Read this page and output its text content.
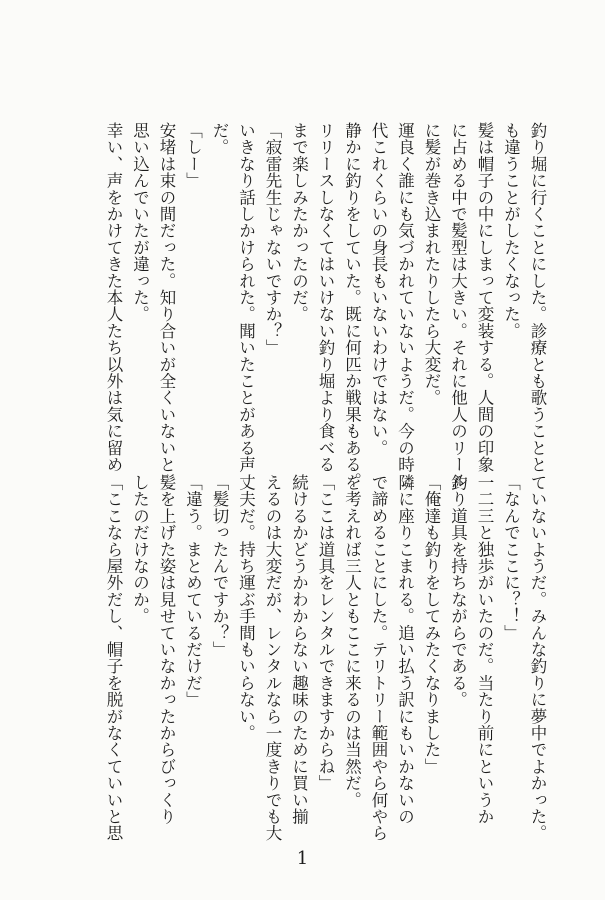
釣り堀に行くことにした。診療とも歌うことと
も違うことがしたくなった。
髪は帽子の中にしまって変装する。人間の印象
に占める中で髪型は大きい。それに他人のリール
に髪が巻き込まれたりしたら大変だ。
運良く誰にも気づかれていないようだ。今の時
代これくらいの身長もいないわけではない。
静かに釣りをしていた。既に何匹か戦果もある。
リリースしなくてはいけない釣り堀より食べる
まで楽しみたかったのだ。
「寂雷先生じゃないですか？」
いきなり話しかけられた。聞いたことがある声
だ。
「しー」
安堵は束の間だった。知り合いが全くいないと
思い込んでいたが違った。
幸い、声をかけてきた本人たち以外は気に留め
ていないようだ。みんな釣りに夢中でよかった。
「なんでここに？！」
一二三と独歩がいたのだ。当たり前にというか
釣り道具を持ちながらである。
「俺達も釣りをしてみたくなりました」
隣に座りこまれる。追い払う訳にもいかないの
で諦めることにした。テリトリー範囲やら何やら
を考えれば三人ともここに来るのは当然だ。
「ここは道具をレンタルできますからね」
続けるかどうかわからない趣味のために買い揃
えるのは大変だが、レンタルなら一度きりでも大
丈夫だ。持ち運ぶ手間もいらない。
「髪切ったんですか？」
「違う。まとめているだけだ」
髪を上げた姿は見せていなかったからびっくり
したのだけなのか。
「ここなら屋外だし、帽子を脱がなくていいと思
1
